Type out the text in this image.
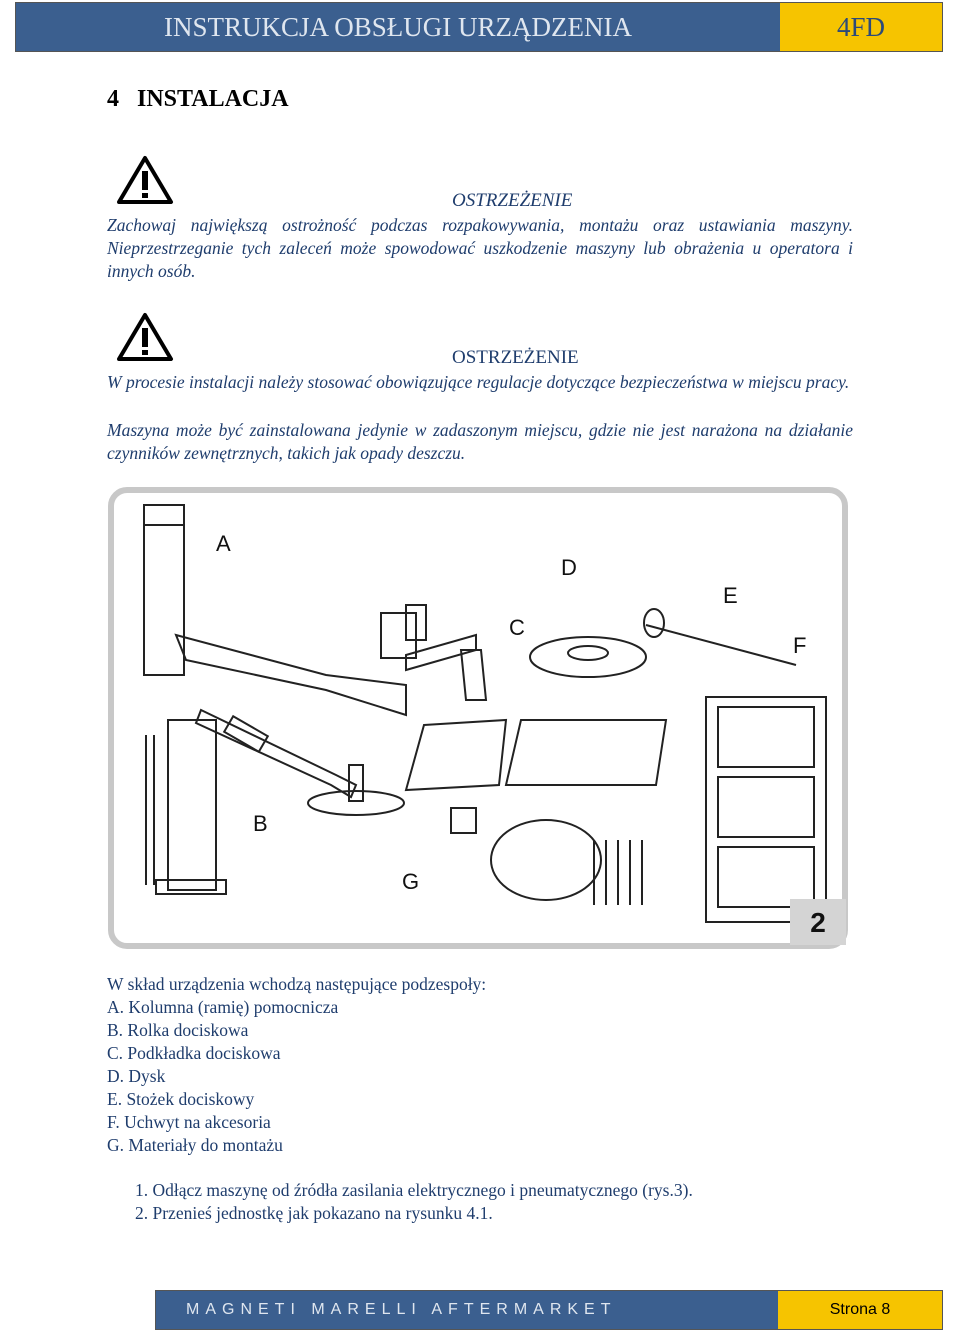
INSTRUKCJA OBSŁUGI URZĄDZENIA	4FD
4 INSTALACJA
OSTRZEŻENIE
Zachowaj największą ostrożność podczas rozpakowywania, montażu oraz ustawiania maszyny. Nieprzestrzeganie tych zaleceń może spowodować uszkodzenie maszyny lub obrażenia u operatora i innych osób.
OSTRZEŻENIE
W procesie instalacji należy stosować obowiązujące regulacje dotyczące bezpieczeństwa w miejscu pracy.
Maszyna może być zainstalowana jedynie w zadaszonym miejscu, gdzie nie jest narażona na działanie czynników zewnętrznych, takich jak opady deszczu.
A
B
C
D
E
F
G
2
W skład urządzenia wchodzą następujące podzespoły:
A. Kolumna (ramię) pomocnicza
B. Rolka dociskowa
C. Podkładka dociskowa
D. Dysk
E. Stożek dociskowy
F. Uchwyt na akcesoria
G. Materiały do montażu
1. Odłącz maszynę od źródła zasilania elektrycznego i pneumatycznego (rys.3).
2. Przenieś jednostkę jak pokazano na rysunku 4.1.
MAGNETI MARELLI AFTERMARKET	Strona 8
